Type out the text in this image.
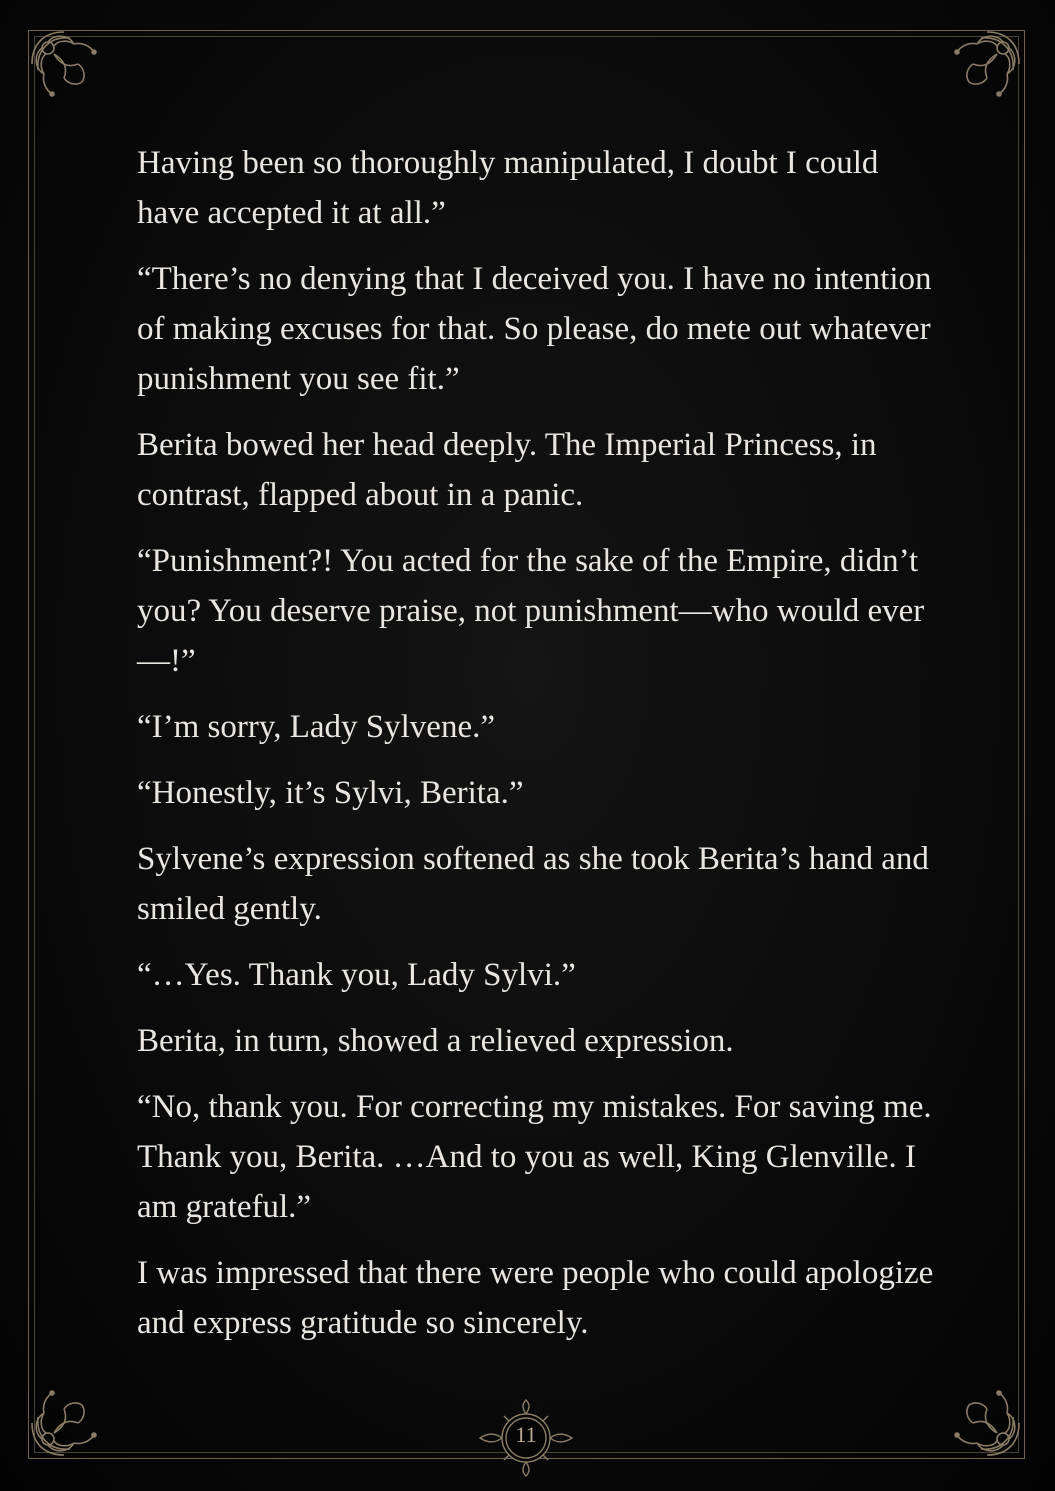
Having been so thoroughly manipulated, I doubt I could have accepted it at all.”

“There’s no denying that I deceived you. I have no intention of making excuses for that. So please, do mete out whatever punishment you see fit.”

Berita bowed her head deeply. The Imperial Princess, in contrast, flapped about in a panic.

“Punishment?! You acted for the sake of the Empire, didn’t you? You deserve praise, not punishment—who would ever—!”

“I’m sorry, Lady Sylvene.”

“Honestly, it’s Sylvi, Berita.”

Sylvene’s expression softened as she took Berita’s hand and smiled gently.

“…Yes. Thank you, Lady Sylvi.”

Berita, in turn, showed a relieved expression.

“No, thank you. For correcting my mistakes. For saving me. Thank you, Berita. …And to you as well, King Glenville. I am grateful.”

I was impressed that there were people who could apologize and express gratitude so sincerely.

11
